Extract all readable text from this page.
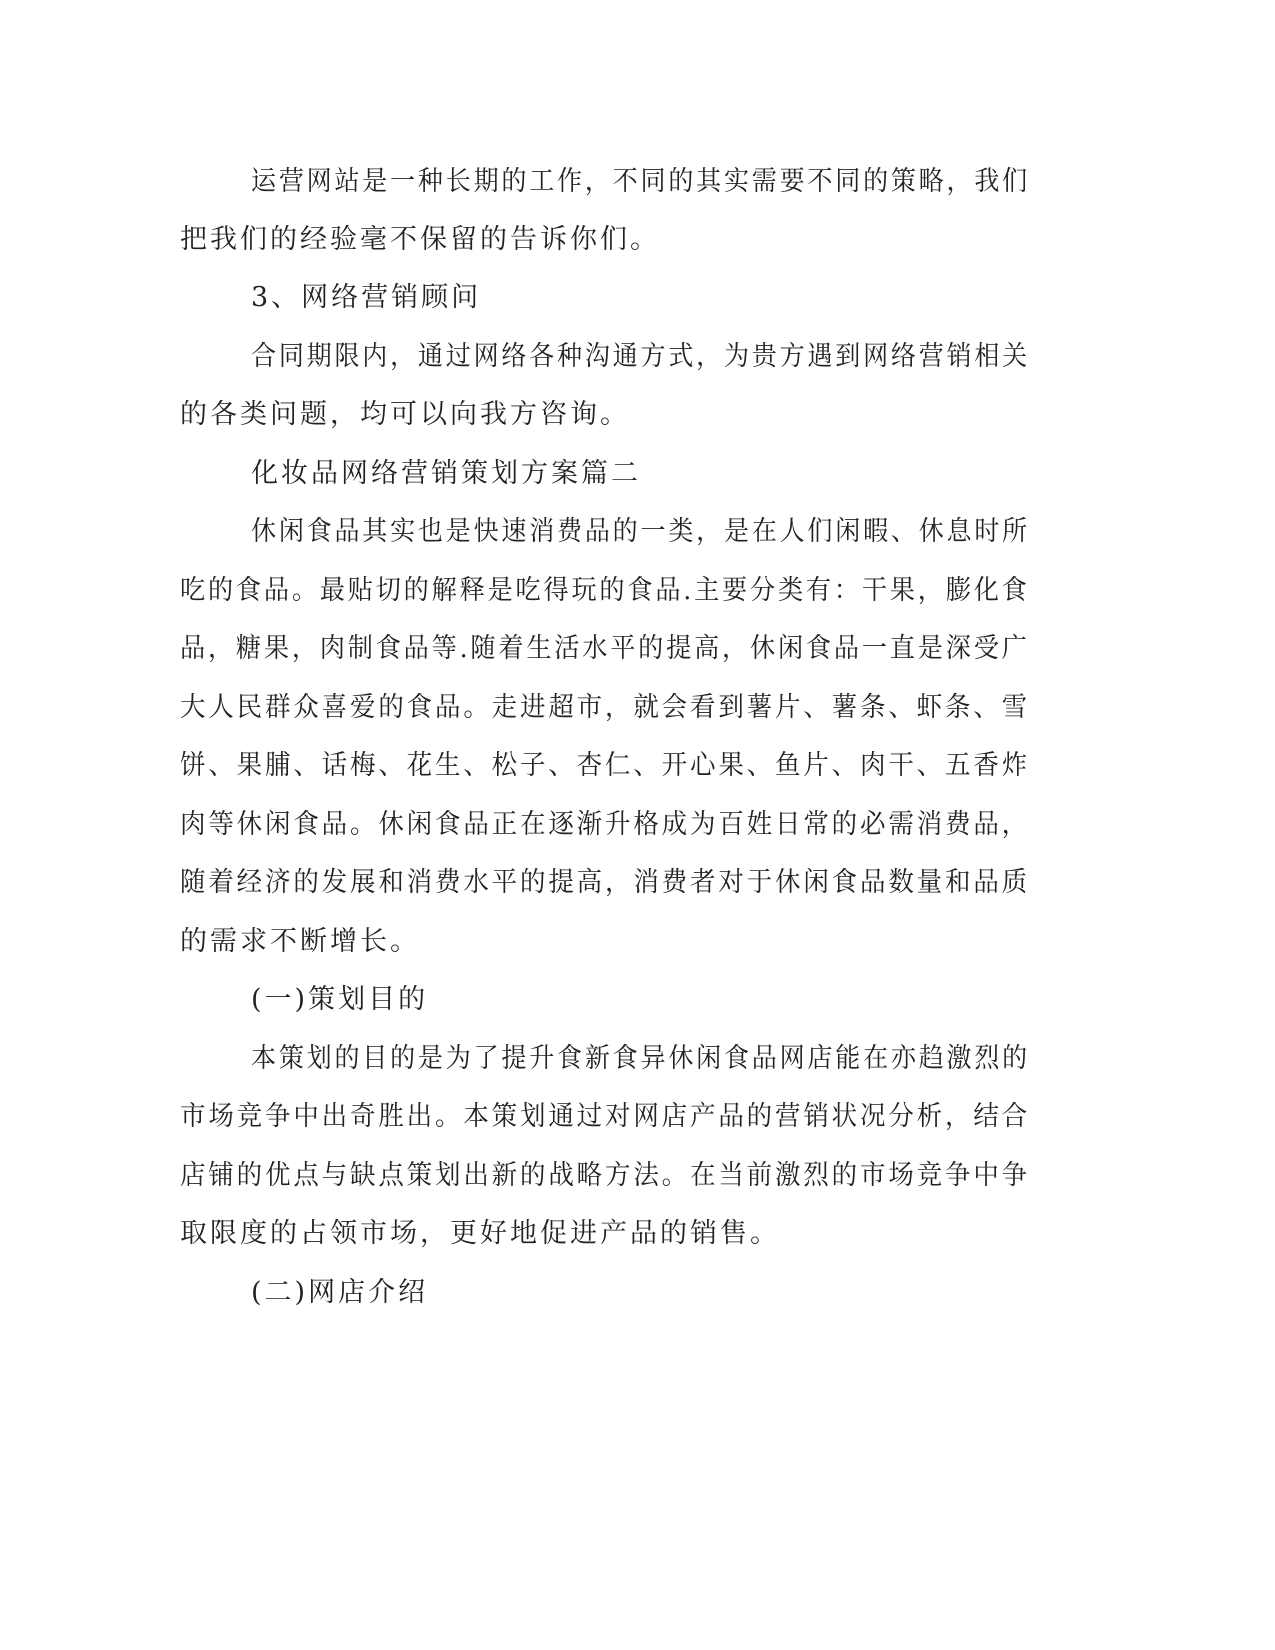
运营网站是一种长期的工作，不同的其实需要不同的策略，我们
把我们的经验毫不保留的告诉你们。
3、网络营销顾问
合同期限内，通过网络各种沟通方式，为贵方遇到网络营销相关
的各类问题，均可以向我方咨询。
化妆品网络营销策划方案篇二
休闲食品其实也是快速消费品的一类，是在人们闲暇、休息时所
吃的食品。最贴切的解释是吃得玩的食品.主要分类有：干果，膨化食
品，糖果，肉制食品等.随着生活水平的提高，休闲食品一直是深受广
大人民群众喜爱的食品。走进超市，就会看到薯片、薯条、虾条、雪
饼、果脯、话梅、花生、松子、杏仁、开心果、鱼片、肉干、五香炸
肉等休闲食品。休闲食品正在逐渐升格成为百姓日常的必需消费品，
随着经济的发展和消费水平的提高，消费者对于休闲食品数量和品质
的需求不断增长。
(一)策划目的
本策划的目的是为了提升食新食异休闲食品网店能在亦趋激烈的
市场竞争中出奇胜出。本策划通过对网店产品的营销状况分析，结合
店铺的优点与缺点策划出新的战略方法。在当前激烈的市场竞争中争
取限度的占领市场，更好地促进产品的销售。
(二)网店介绍
